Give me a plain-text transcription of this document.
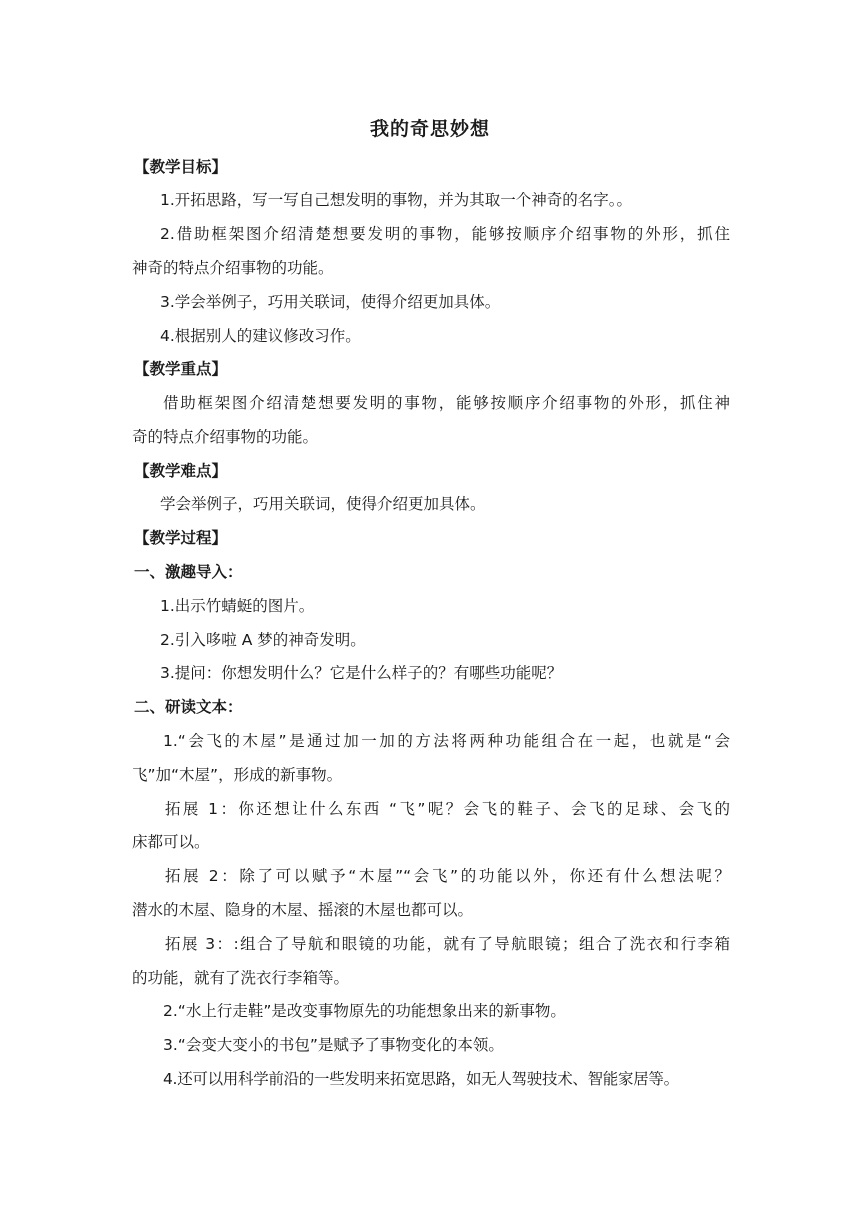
我的奇思妙想
【教学目标】
1.开拓思路，写一写自己想发明的事物，并为其取一个神奇的名字。。
2.借助框架图介绍清楚想要发明的事物，能够按顺序介绍事物的外形，抓住
神奇的特点介绍事物的功能。
3.学会举例子，巧用关联词，使得介绍更加具体。
4.根据别人的建议修改习作。
【教学重点】
借助框架图介绍清楚想要发明的事物，能够按顺序介绍事物的外形，抓住神
奇的特点介绍事物的功能。
【教学难点】
学会举例子，巧用关联词，使得介绍更加具体。
【教学过程】
一、激趣导入：
1.出示竹蜻蜓的图片。
2.引入哆啦 A 梦的神奇发明。
3.提问：你想发明什么？它是什么样子的？有哪些功能呢？
二、研读文本：
1.“会飞的木屋”是通过加一加的方法将两种功能组合在一起，也就是“会
飞”加“木屋”，形成的新事物。
拓展 1：你还想让什么东西 “飞”呢？会飞的鞋子、会飞的足球、会飞的
床都可以。
拓展 2：除了可以赋予“木屋”“会飞”的功能以外，你还有什么想法呢？
潜水的木屋、隐身的木屋、摇滚的木屋也都可以。
拓展 3：:组合了导航和眼镜的功能，就有了导航眼镜；组合了洗衣和行李箱
的功能，就有了洗衣行李箱等。
2.“水上行走鞋”是改变事物原先的功能想象出来的新事物。
3.“会变大变小的书包”是赋予了事物变化的本领。
4.还可以用科学前沿的一些发明来拓宽思路，如无人驾驶技术、智能家居等。
